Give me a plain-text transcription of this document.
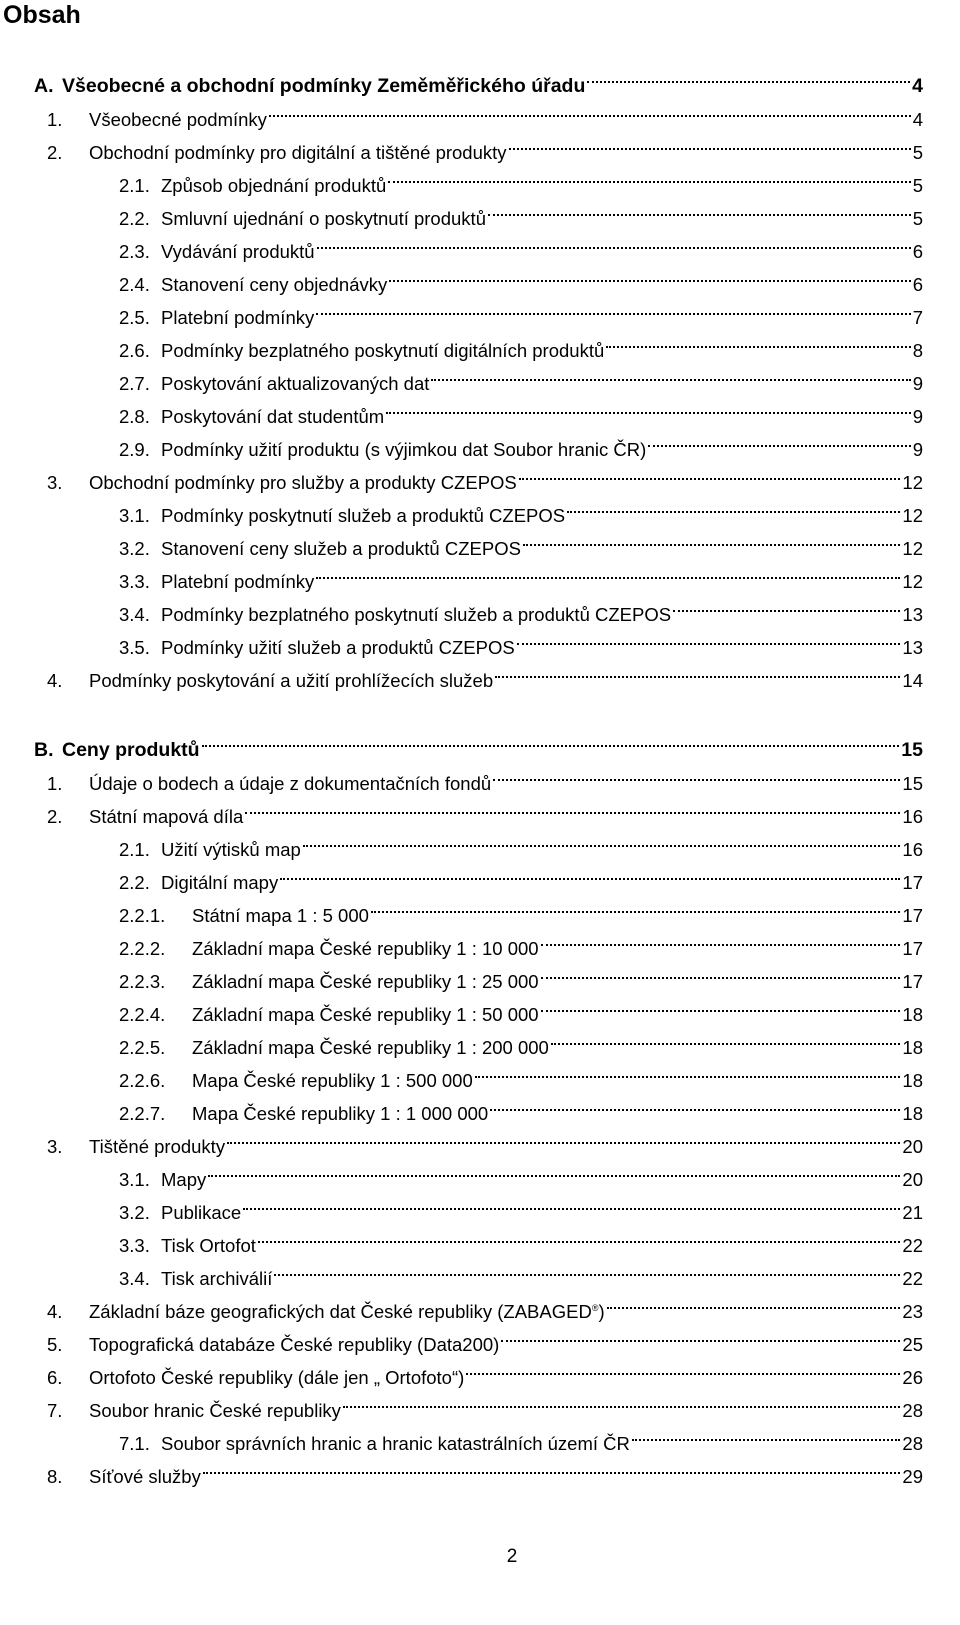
Obsah
A. Všeobecné a obchodní podmínky Zeměměřického úřadu	4
1.	Všeobecné podmínky	4
2.	Obchodní podmínky pro digitální a tištěné produkty	5
2.1. Způsob objednání produktů	5
2.2. Smluvní ujednání o poskytnutí produktů	5
2.3. Vydávání produktů	6
2.4. Stanovení ceny objednávky	6
2.5. Platební podmínky	7
2.6. Podmínky bezplatného poskytnutí digitálních produktů	8
2.7. Poskytování aktualizovaných dat	9
2.8. Poskytování dat studentům	9
2.9. Podmínky užití produktu (s výjimkou dat Soubor hranic ČR)	9
3.	Obchodní podmínky pro služby a produkty CZEPOS	12
3.1. Podmínky poskytnutí služeb a produktů CZEPOS	12
3.2. Stanovení ceny služeb a produktů CZEPOS	12
3.3. Platební podmínky	12
3.4. Podmínky bezplatného poskytnutí služeb a produktů CZEPOS	13
3.5. Podmínky užití služeb a produktů CZEPOS	13
4.	Podmínky poskytování a užití prohlížecích služeb	14
B. Ceny produktů	15
1.	Údaje o bodech a údaje z dokumentačních fondů	15
2.	Státní mapová díla	16
2.1. Užití výtisků map	16
2.2. Digitální mapy	17
2.2.1.	Státní mapa 1 : 5 000	17
2.2.2.	Základní mapa České republiky 1 : 10 000	17
2.2.3.	Základní mapa České republiky 1 : 25 000	17
2.2.4.	Základní mapa České republiky 1 : 50 000	18
2.2.5.	Základní mapa České republiky 1 : 200 000	18
2.2.6.	Mapa České republiky 1 : 500 000	18
2.2.7.	Mapa České republiky 1 : 1 000 000	18
3.	Tištěné produkty	20
3.1. Mapy	20
3.2. Publikace	21
3.3. Tisk Ortofot	22
3.4. Tisk archiválií	22
4.	Základní báze geografických dat České republiky (ZABAGED®)	23
5.	Topografická databáze České republiky (Data200)	25
6.	Ortofoto České republiky (dále jen „ Ortofoto“)	26
7.	Soubor hranic České republiky	28
7.1. Soubor správních hranic a hranic katastrálních území ČR	28
8.	Síťové služby	29
2
